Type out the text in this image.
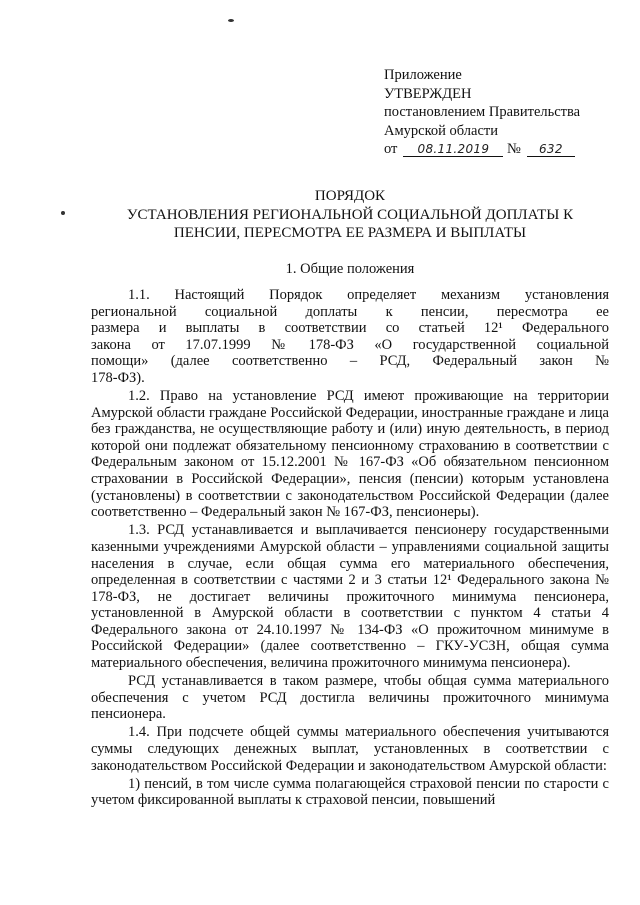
Приложение
УТВЕРЖДЕН
постановлением Правительства
Амурской области
от 08.11.2019 № 632
ПОРЯДОК
УСТАНОВЛЕНИЯ РЕГИОНАЛЬНОЙ СОЦИАЛЬНОЙ ДОПЛАТЫ К
ПЕНСИИ, ПЕРЕСМОТРА ЕЕ РАЗМЕРА И ВЫПЛАТЫ
1. Общие положения

1.1. Настоящий Порядок определяет механизм установления региональной социальной доплаты к пенсии, пересмотра ее размера и выплаты в соответствии со статьей 12¹ Федерального закона от 17.07.1999 № 178-ФЗ «О государственной социальной помощи» (далее соответственно – РСД, Федеральный закон № 178-ФЗ).

1.2. Право на установление РСД имеют проживающие на территории Амурской области граждане Российской Федерации, иностранные граждане и лица без гражданства, не осуществляющие работу и (или) иную деятельность, в период которой они подлежат обязательному пенсионному страхованию в соответствии с Федеральным законом от 15.12.2001 № 167-ФЗ «Об обязательном пенсионном страховании в Российской Федерации», пенсия (пенсии) которым установлена (установлены) в соответствии с законодательством Российской Федерации (далее соответственно – Федеральный закон № 167-ФЗ, пенсионеры).

1.3. РСД устанавливается и выплачивается пенсионеру государственными казенными учреждениями Амурской области – управлениями социальной защиты населения в случае, если общая сумма его материального обеспечения, определенная в соответствии с частями 2 и 3 статьи 12¹ Федерального закона № 178-ФЗ, не достигает величины прожиточного минимума пенсионера, установленной в Амурской области в соответствии с пунктом 4 статьи 4 Федерального закона от 24.10.1997 № 134-ФЗ «О прожиточном минимуме в Российской Федерации» (далее соответственно – ГКУ-УСЗН, общая сумма материального обеспечения, величина прожиточного минимума пенсионера).

РСД устанавливается в таком размере, чтобы общая сумма материального обеспечения с учетом РСД достигла величины прожиточного минимума пенсионера.

1.4. При подсчете общей суммы материального обеспечения учитываются суммы следующих денежных выплат, установленных в соответствии с законодательством Российской Федерации и законодательством Амурской области:

1) пенсий, в том числе сумма полагающейся страховой пенсии по старости с учетом фиксированной выплаты к страховой пенсии, повышений
